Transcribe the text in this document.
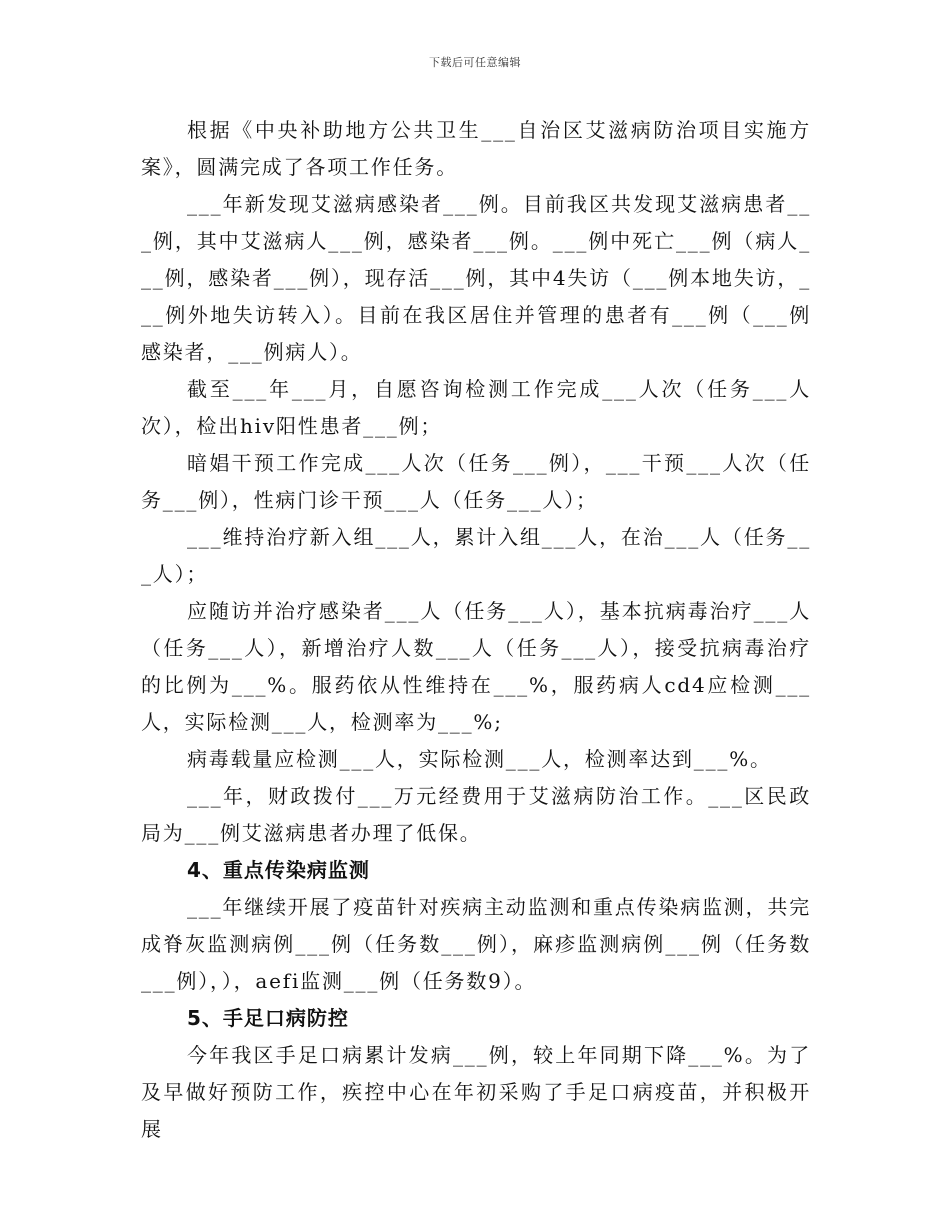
下载后可任意编辑

根据《中央补助地方公共卫生___自治区艾滋病防治项目实施方案》，圆满完成了各项工作任务。

___年新发现艾滋病感染者___例。目前我区共发现艾滋病患者___例，其中艾滋病人___例，感染者___例。___例中死亡___例（病人___例，感染者___例），现存活___例，其中4失访（___例本地失访，___例外地失访转入）。目前在我区居住并管理的患者有___例（___例感染者，___例病人）。

截至___年___月，自愿咨询检测工作完成___人次（任务___人次），检出hiv阳性患者___例；

暗娼干预工作完成___人次（任务___例），___干预___人次（任务___例），性病门诊干预___人（任务___人）；

___维持治疗新入组___人，累计入组___人，在治___人（任务___人）；

应随访并治疗感染者___人（任务___人），基本抗病毒治疗___人（任务___人），新增治疗人数___人（任务___人），接受抗病毒治疗的比例为___%。服药依从性维持在___%，服药病人cd4应检测___人，实际检测___人，检测率为___%;

病毒载量应检测___人，实际检测___人，检测率达到___%。

___年，财政拨付___万元经费用于艾滋病防治工作。___区民政局为___例艾滋病患者办理了低保。

4、重点传染病监测

___年继续开展了疫苗针对疾病主动监测和重点传染病监测，共完成脊灰监测病例___例（任务数___例），麻疹监测病例___例（任务数___例），），aefi监测___例（任务数9）。

5、手足口病防控

今年我区手足口病累计发病___例，较上年同期下降___%。为了及早做好预防工作，疾控中心在年初采购了手足口病疫苗，并积极开展
